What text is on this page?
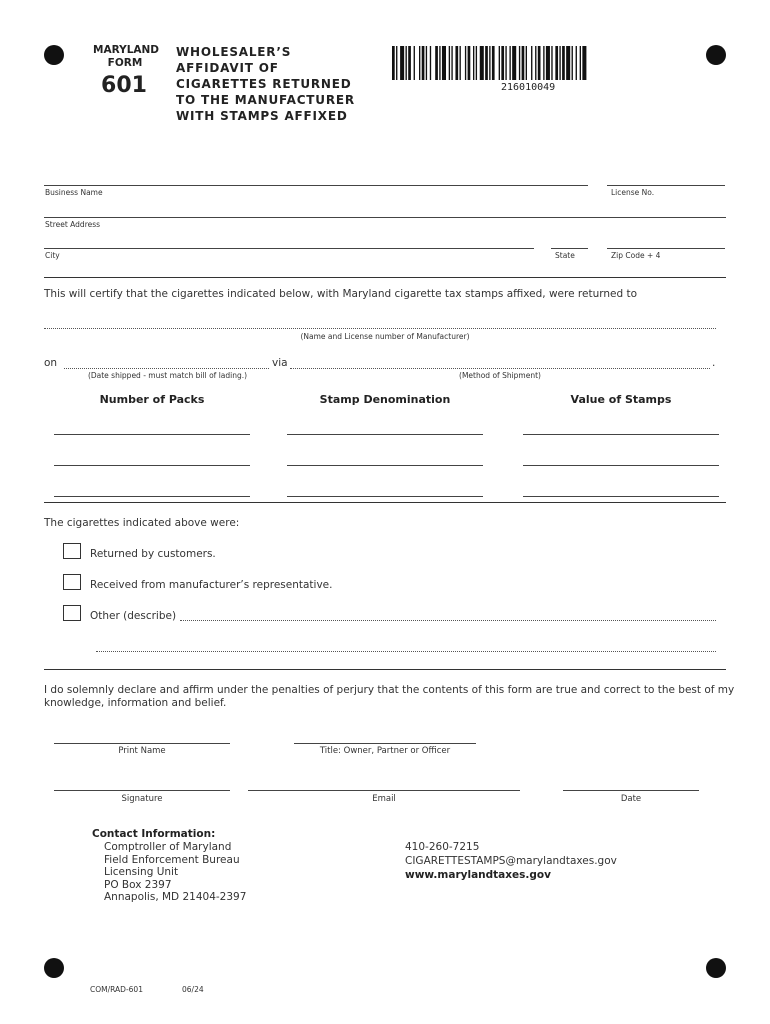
MARYLAND
FORM
601
WHOLESALER’S
AFFIDAVIT OF
CIGARETTES RETURNED
TO THE MANUFACTURER
WITH STAMPS AFFIXED
216010049
Business Name	License No.
Street Address
City	State	Zip Code + 4
This will certify that the cigarettes indicated below, with Maryland cigarette tax stamps affixed, were returned to
(Name and License number of Manufacturer)
on	via	.
(Date shipped - must match bill of lading.)	(Method of Shipment)
Number of Packs	Stamp Denomination	Value of Stamps
The cigarettes indicated above were:
Returned by customers.
Received from manufacturer’s representative.
Other (describe)
I do solemnly declare and affirm under the penalties of perjury that the contents of this form are true and correct to the best of my
knowledge, information and belief.
Print Name	Title: Owner, Partner or Officer
Signature	Email	Date
Contact Information:
Comptroller of Maryland
Field Enforcement Bureau
Licensing Unit
PO Box 2397
Annapolis, MD 21404-2397
410-260-7215
CIGARETTESTAMPS@marylandtaxes.gov
www.marylandtaxes.gov
COM/RAD-601	06/24
